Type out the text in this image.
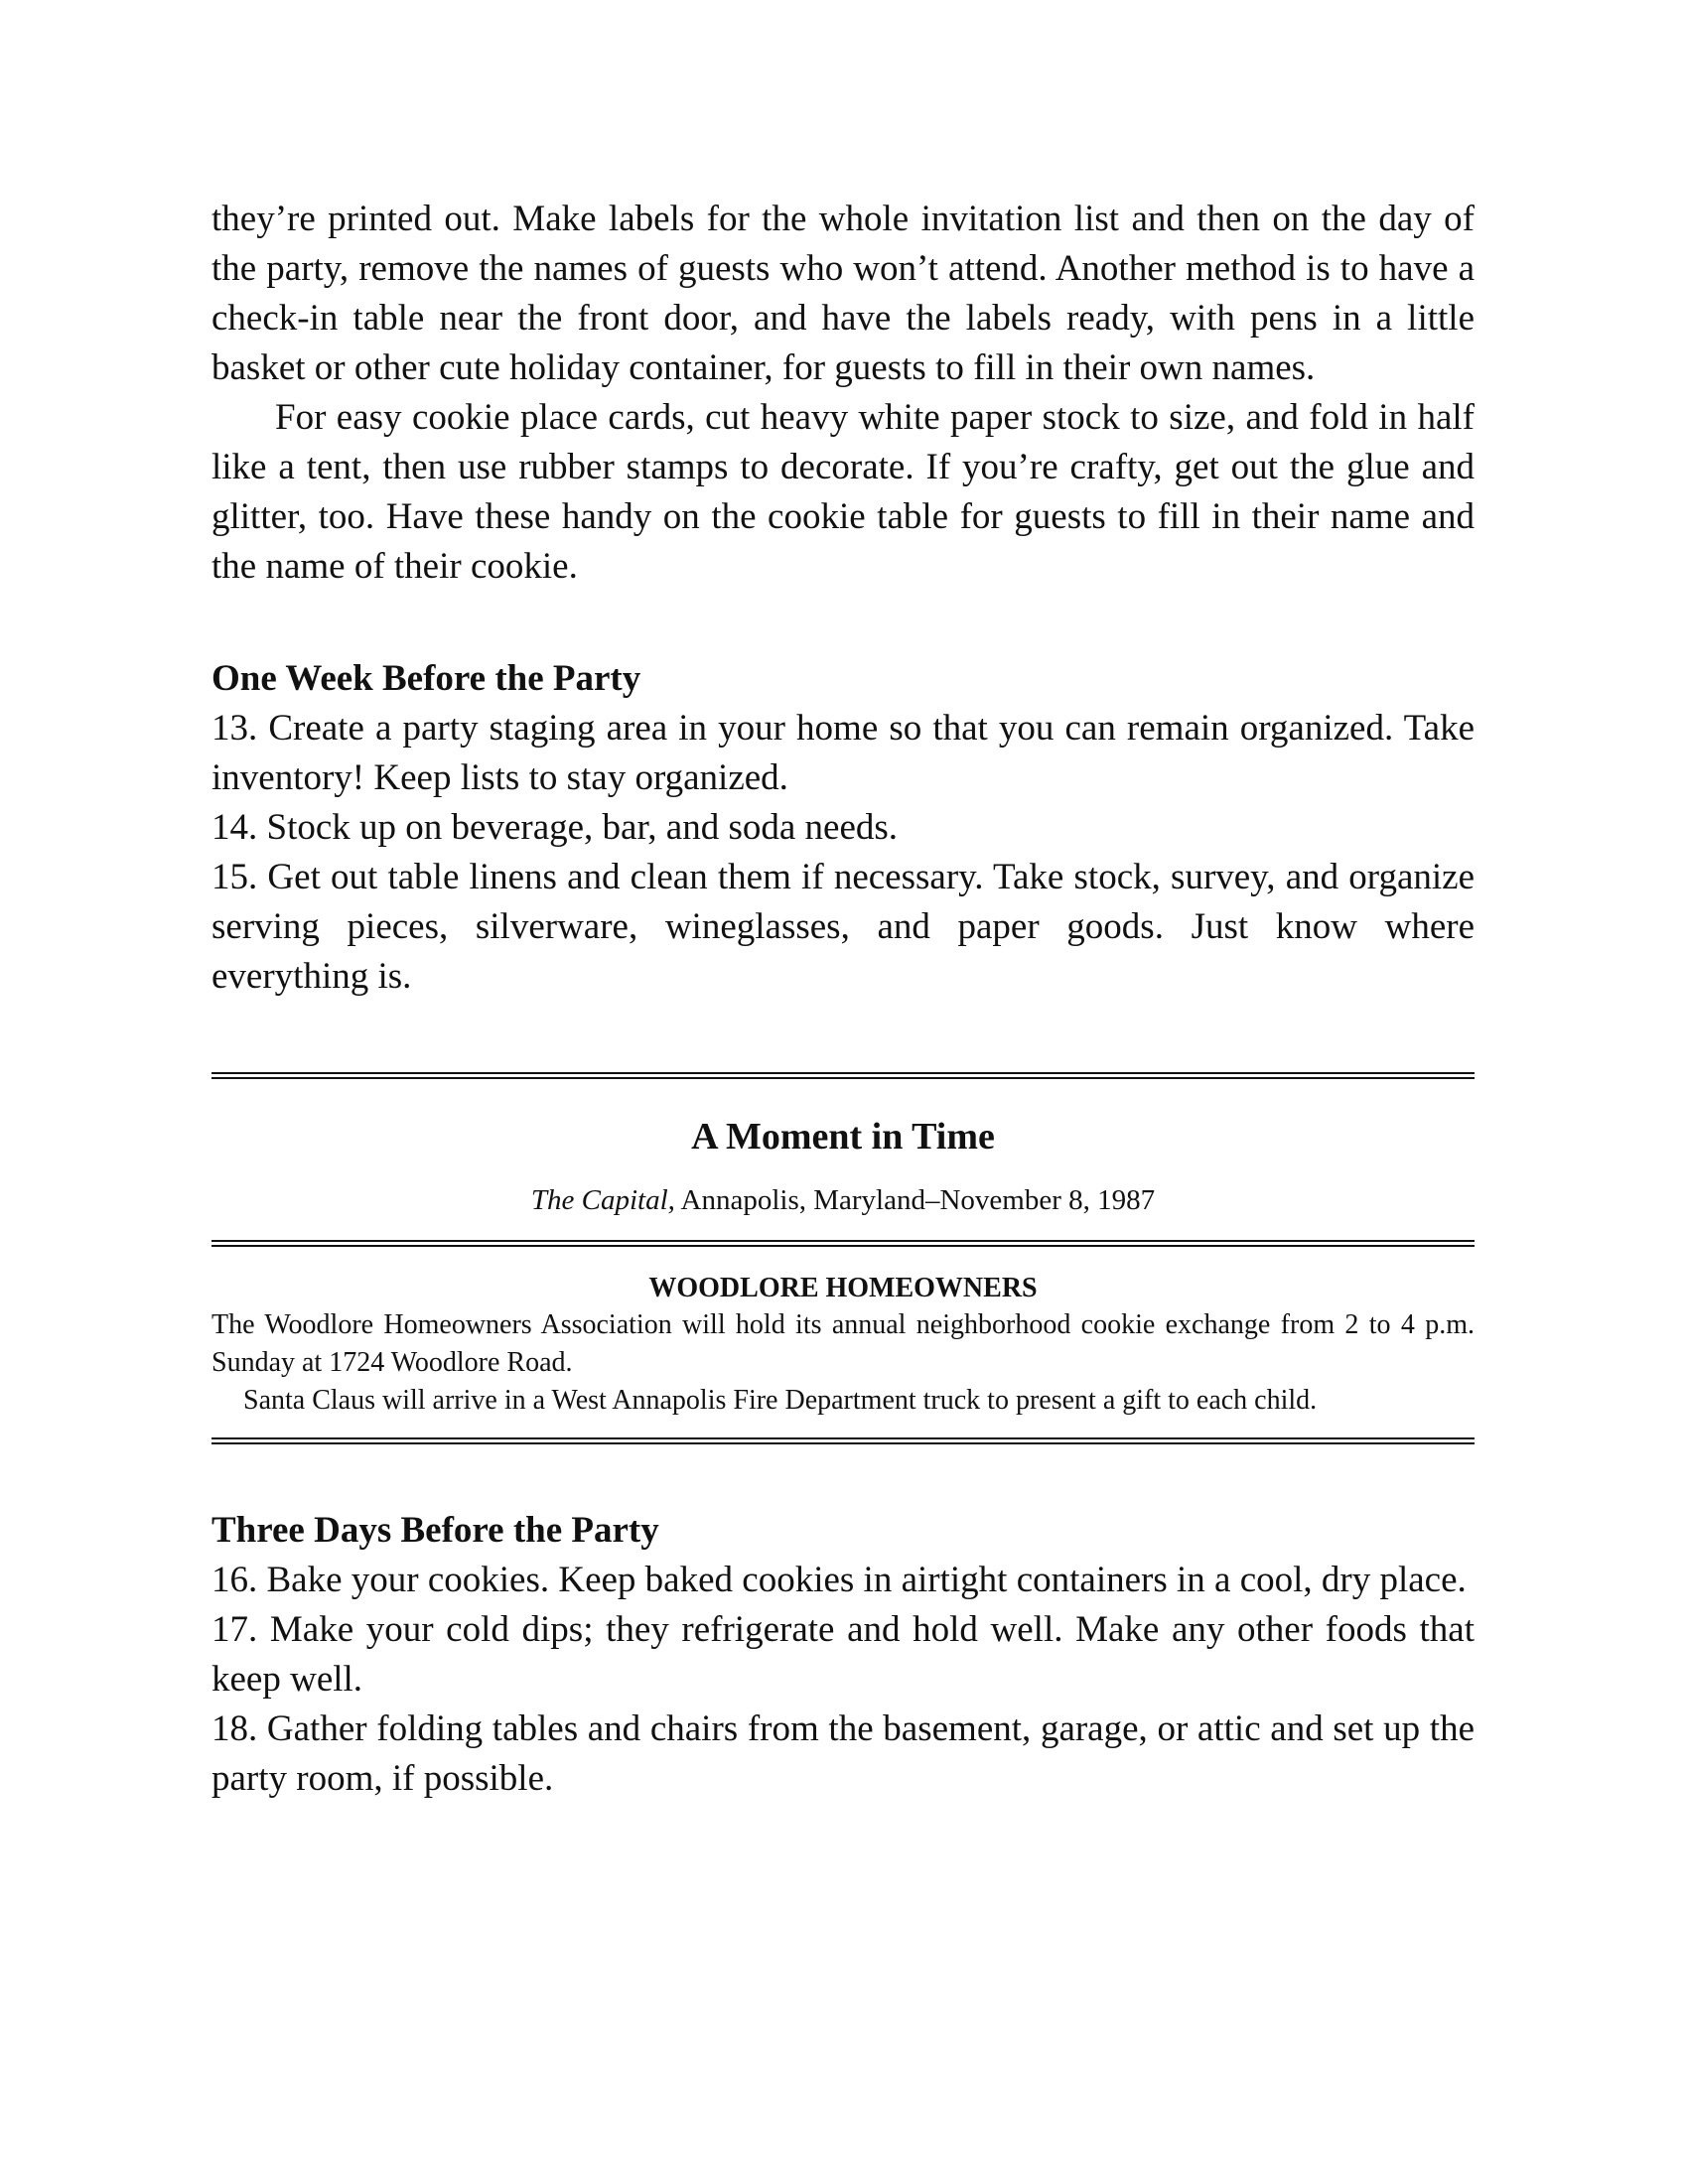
they’re printed out. Make labels for the whole invitation list and then on the day of the party, remove the names of guests who won’t attend. Another method is to have a check-in table near the front door, and have the labels ready, with pens in a little basket or other cute holiday container, for guests to fill in their own names.

For easy cookie place cards, cut heavy white paper stock to size, and fold in half like a tent, then use rubber stamps to decorate. If you’re crafty, get out the glue and glitter, too. Have these handy on the cookie table for guests to fill in their name and the name of their cookie.

One Week Before the Party

13. Create a party staging area in your home so that you can remain organized. Take inventory! Keep lists to stay organized.

14. Stock up on beverage, bar, and soda needs.

15. Get out table linens and clean them if necessary. Take stock, survey, and organize serving pieces, silverware, wineglasses, and paper goods. Just know where everything is.

A Moment in Time

The Capital, Annapolis, Maryland–November 8, 1987

WOODLORE HOMEOWNERS

The Woodlore Homeowners Association will hold its annual neighborhood cookie exchange from 2 to 4 p.m. Sunday at 1724 Woodlore Road.

Santa Claus will arrive in a West Annapolis Fire Department truck to present a gift to each child.

Three Days Before the Party

16. Bake your cookies. Keep baked cookies in airtight containers in a cool, dry place.

17. Make your cold dips; they refrigerate and hold well. Make any other foods that keep well.

18. Gather folding tables and chairs from the basement, garage, or attic and set up the party room, if possible.
